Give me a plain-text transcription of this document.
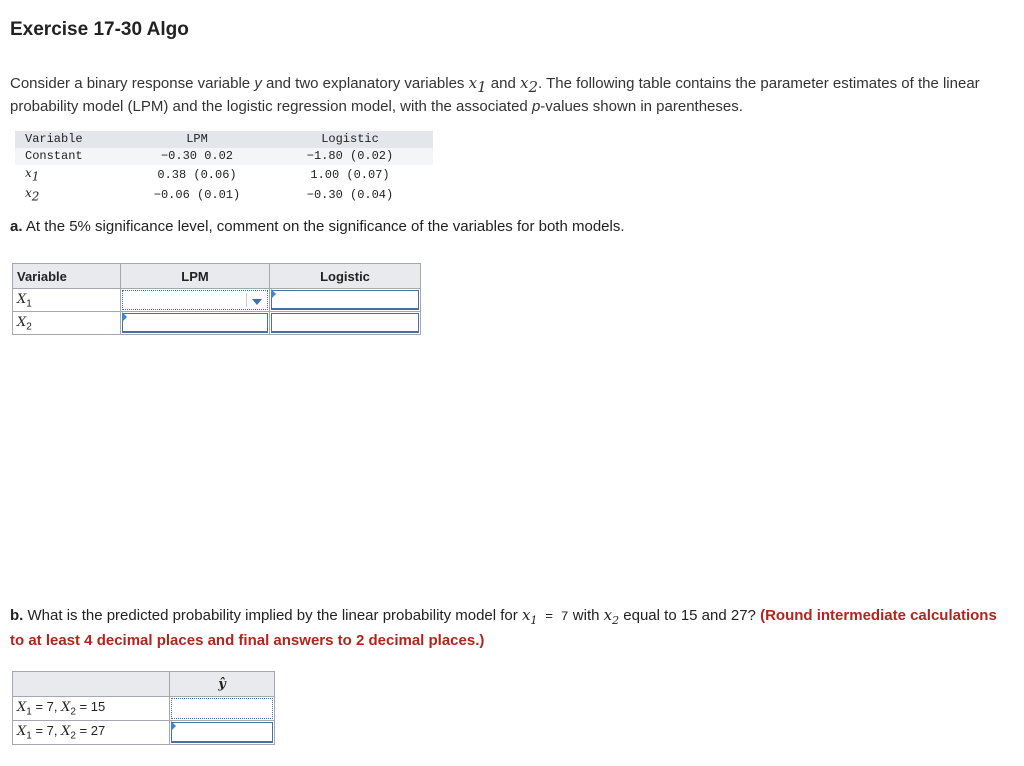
Exercise 17-30 Algo
Consider a binary response variable y and two explanatory variables $x_1$ and $x_2$. The following table contains the parameter estimates of the linear probability model (LPM) and the logistic regression model, with the associated p-values shown in parentheses.
Variable	LPM	Logistic
Constant	−0.30 0.02	−1.80 (0.02)
$x_1$	0.38 (0.06)	1.00 (0.07)
$x_2$	−0.06 (0.01)	−0.30 (0.04)
a. At the 5% significance level, comment on the significance of the variables for both models.
Variable	LPM	Logistic
$X_1$	

$X_2$	

b. What is the predicted probability implied by the linear probability model for $x_1 = 7$ with $x_2$ equal to 15 and 27? (Round intermediate calculations to at least 4 decimal places and final answers to 2 decimal places.)
	ŷ
$X_1 = 7$, $X_2 = 15$	

$X_1 = 7$, $X_2 = 27$	
